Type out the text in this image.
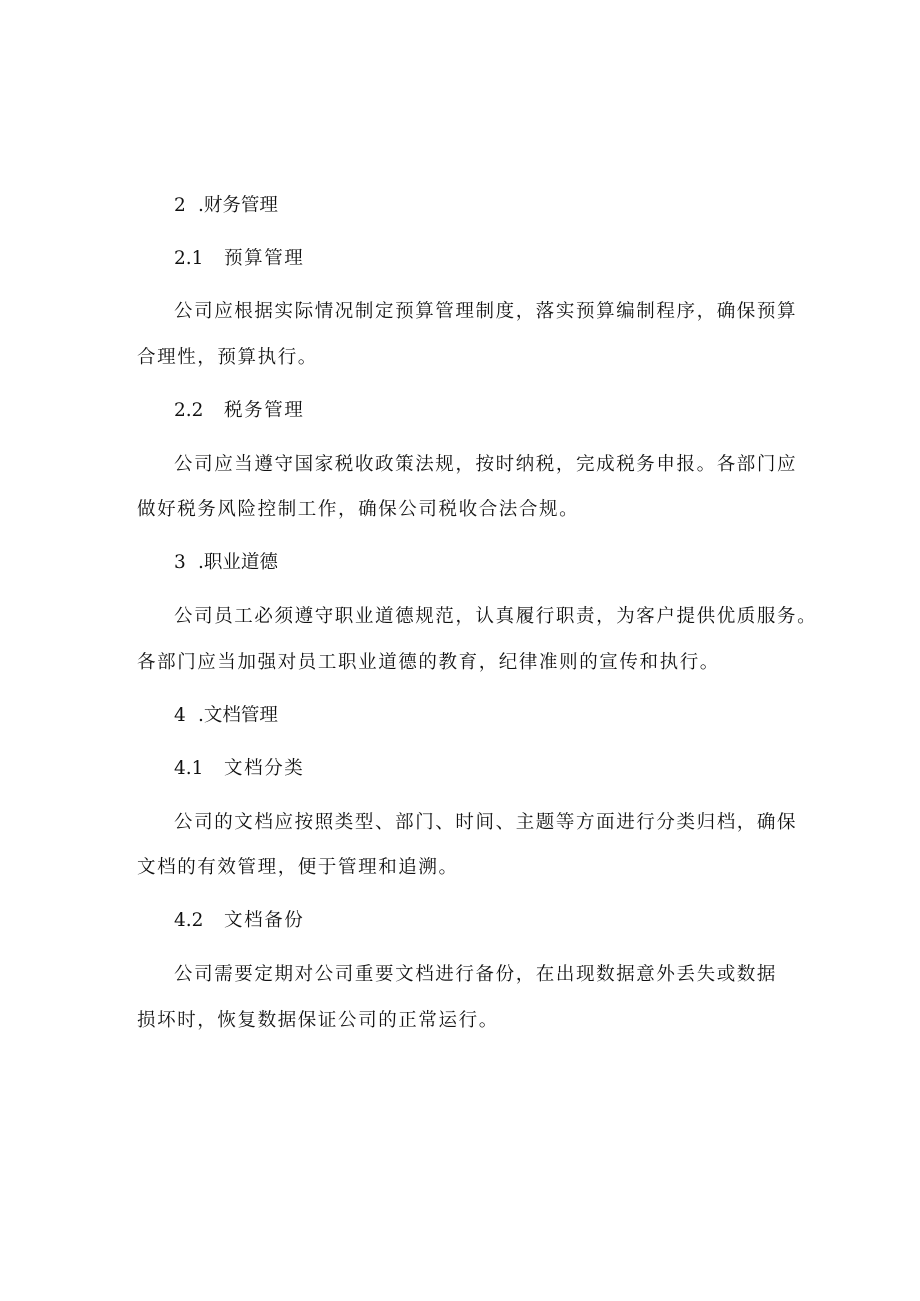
2 .财务管理
2.1 预算管理
公司应根据实际情况制定预算管理制度，落实预算编制程序，确保预算
合理性，预算执行。
2.2 税务管理
公司应当遵守国家税收政策法规，按时纳税，完成税务申报。各部门应
做好税务风险控制工作，确保公司税收合法合规。
3 .职业道德
公司员工必须遵守职业道德规范，认真履行职责，为客户提供优质服务。
各部门应当加强对员工职业道德的教育，纪律准则的宣传和执行。
4 .文档管理
4.1 文档分类
公司的文档应按照类型、部门、时间、主题等方面进行分类归档，确保
文档的有效管理，便于管理和追溯。
4.2 文档备份
公司需要定期对公司重要文档进行备份，在出现数据意外丢失或数据
损坏时，恢复数据保证公司的正常运行。
